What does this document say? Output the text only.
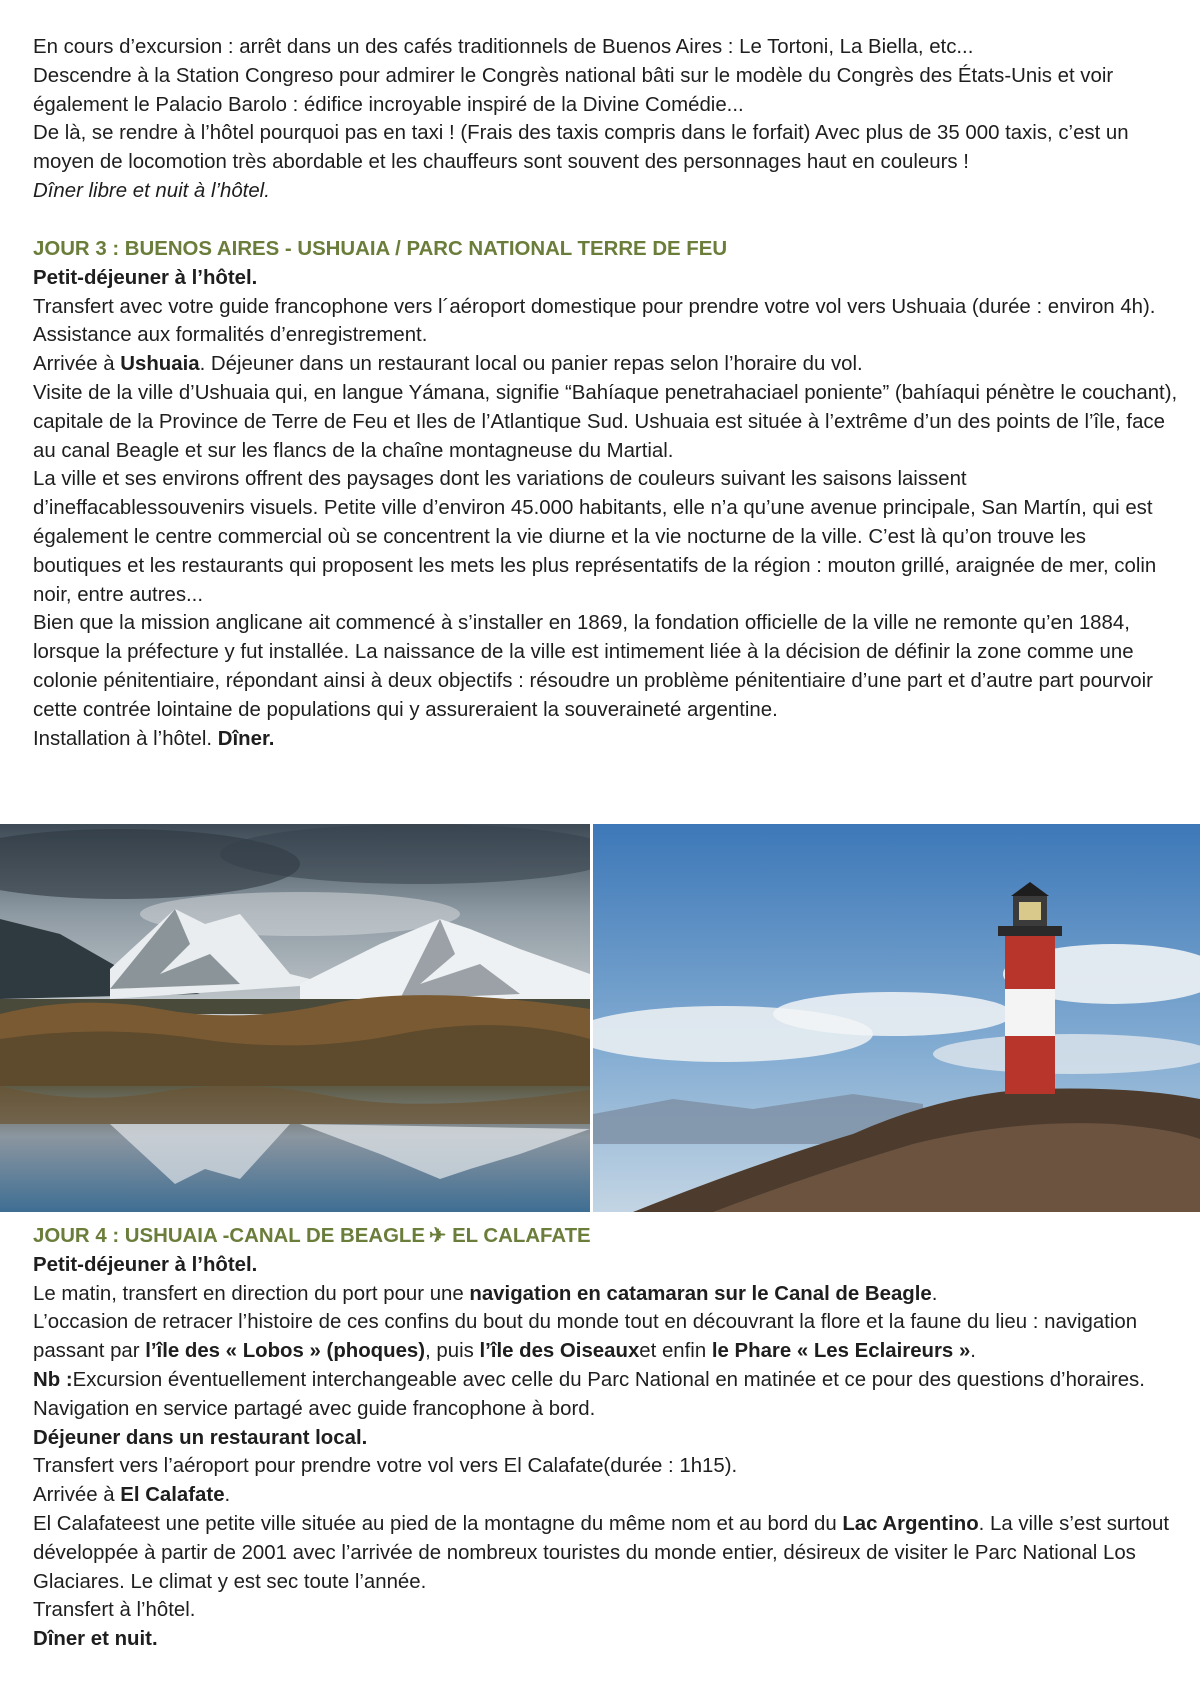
En cours d’excursion : arrêt dans un des cafés traditionnels de Buenos Aires : Le Tortoni, La Biella, etc...

Descendre à la Station Congreso pour admirer le Congrès national bâti sur le modèle du Congrès des États-Unis et voir également le Palacio Barolo : édifice incroyable inspiré de la Divine Comédie...

De là, se rendre à l’hôtel pourquoi pas en taxi ! (Frais des taxis compris dans le forfait) Avec plus de 35 000 taxis, c’est un moyen de locomotion très abordable et les chauffeurs sont souvent des personnages haut en couleurs !

Dîner libre et nuit à l’hôtel.

JOUR 3 : BUENOS AIRES - USHUAIA / PARC NATIONAL TERRE DE FEU

Petit-déjeuner à l’hôtel.

Transfert avec votre guide francophone vers l´aéroport domestique pour prendre votre vol vers Ushuaia (durée : environ 4h).

Assistance aux formalités d’enregistrement.

Arrivée à Ushuaia. Déjeuner dans un restaurant local ou panier repas selon l’horaire du vol.

Visite de la ville d’Ushuaia qui, en langue Yámana, signifie “Bahíaque penetrahaciael poniente” (bahíaqui pénètre le couchant), capitale de la Province de Terre de Feu et Iles de l’Atlantique Sud. Ushuaia est située à l’extrême d’un des points de l’île, face au canal Beagle et sur les flancs de la chaîne montagneuse du Martial.

La ville et ses environs offrent des paysages dont les variations de couleurs suivant les saisons laissent d’ineffacablessouvenirs visuels. Petite ville d’environ 45.000 habitants, elle n’a qu’une avenue principale, San Martín, qui est également le centre commercial où se concentrent la vie diurne et la vie nocturne de la ville. C’est là qu’on trouve les boutiques et les restaurants qui proposent les mets les plus représentatifs de la région : mouton grillé, araignée de mer, colin noir, entre autres...

Bien que la mission anglicane ait commencé à s’installer en 1869, la fondation officielle de la ville ne remonte qu’en 1884, lorsque la préfecture y fut installée. La naissance de la ville est intimement liée à la décision de définir la zone comme une colonie pénitentiaire, répondant ainsi à deux objectifs : résoudre un problème pénitentiaire d’une part et d’autre part pourvoir cette contrée lointaine de populations qui y assureraient la souveraineté argentine.

Installation à l’hôtel. Dîner.

JOUR 4 : USHUAIA -CANAL DE BEAGLE ✈ EL CALAFATE

Petit-déjeuner à l’hôtel.

Le matin, transfert en direction du port pour une navigation en catamaran sur le Canal de Beagle.

L’occasion de retracer l’histoire de ces confins du bout du monde tout en découvrant la flore et la faune du lieu : navigation passant par l’île des « Lobos » (phoques), puis l’île des Oiseauxet enfin le Phare « Les Eclaireurs ».

Nb :Excursion éventuellement interchangeable avec celle du Parc National en matinée et ce pour des questions d’horaires.

Navigation en service partagé avec guide francophone à bord.

Déjeuner dans un restaurant local.

Transfert vers l’aéroport pour prendre votre vol vers El Calafate(durée : 1h15).

Arrivée à El Calafate.

El Calafateest une petite ville située au pied de la montagne du même nom et au bord du Lac Argentino. La ville s’est surtout développée à partir de 2001 avec l’arrivée de nombreux touristes du monde entier, désireux de visiter le Parc National Los Glaciares. Le climat y est sec toute l’année.

Transfert à l’hôtel.

Dîner et nuit.
